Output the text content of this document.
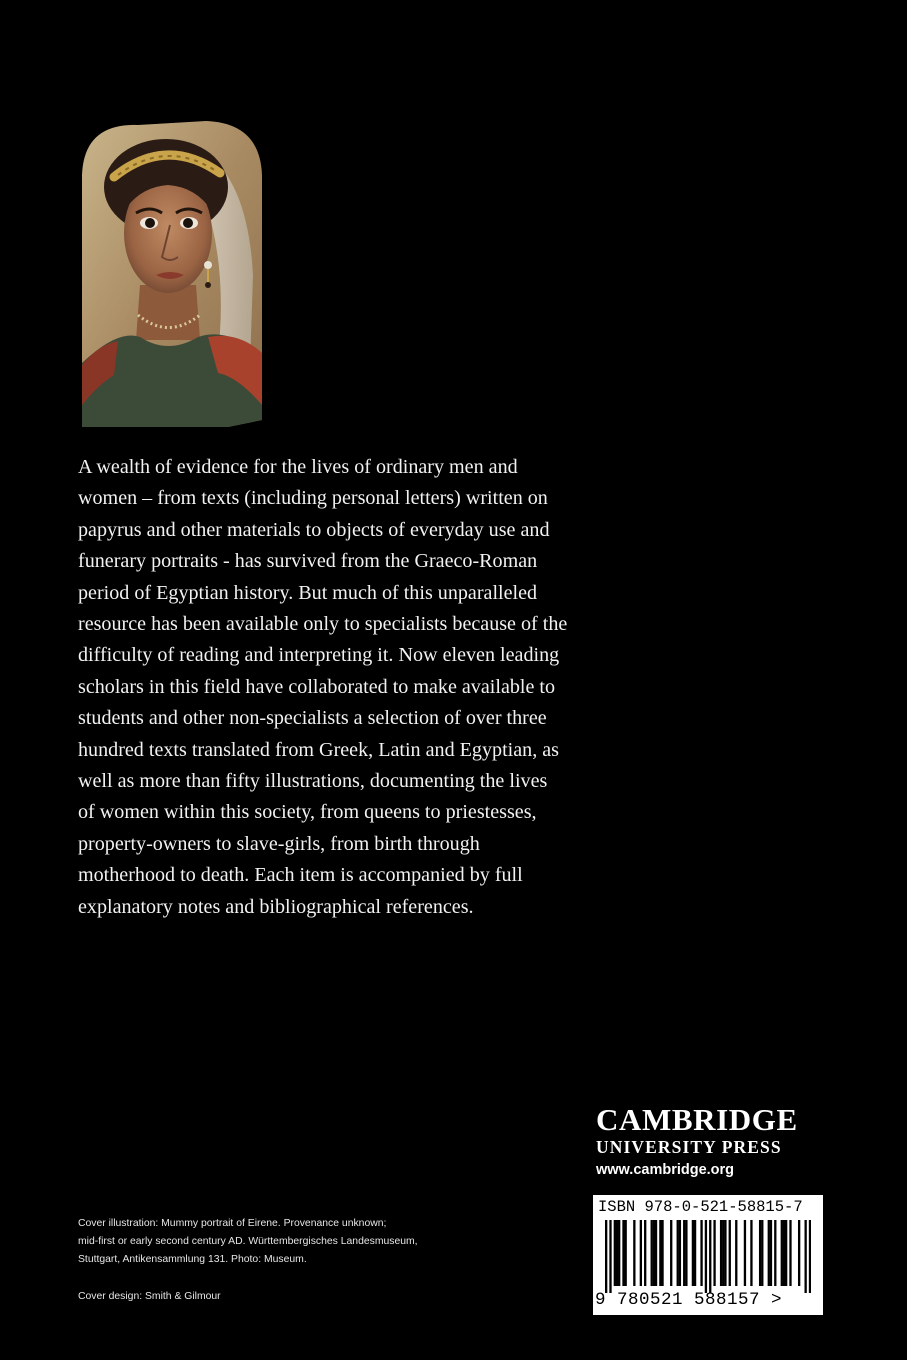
A wealth of evidence for the lives of ordinary men and
women – from texts (including personal letters) written on
papyrus and other materials to objects of everyday use and
funerary portraits - has survived from the Graeco-Roman
period of Egyptian history. But much of this unparalleled
resource has been available only to specialists because of the
difficulty of reading and interpreting it. Now eleven leading
scholars in this field have collaborated to make available to
students and other non-specialists a selection of over three
hundred texts translated from Greek, Latin and Egyptian, as
well as more than fifty illustrations, documenting the lives
of women within this society, from queens to priestesses,
property-owners to slave-girls, from birth through
motherhood to death. Each item is accompanied by full
explanatory notes and bibliographical references.
CAMBRIDGE
UNIVERSITY PRESS
www.cambridge.org
Cover illustration: Mummy portrait of Eirene. Provenance unknown;
mid-first or early second century AD. Württembergisches Landesmuseum,
Stuttgart, Antikensammlung 131. Photo: Museum.
Cover design: Smith & Gilmour
ISBN 978-0-521-58815-7
9 780521 588157 >
